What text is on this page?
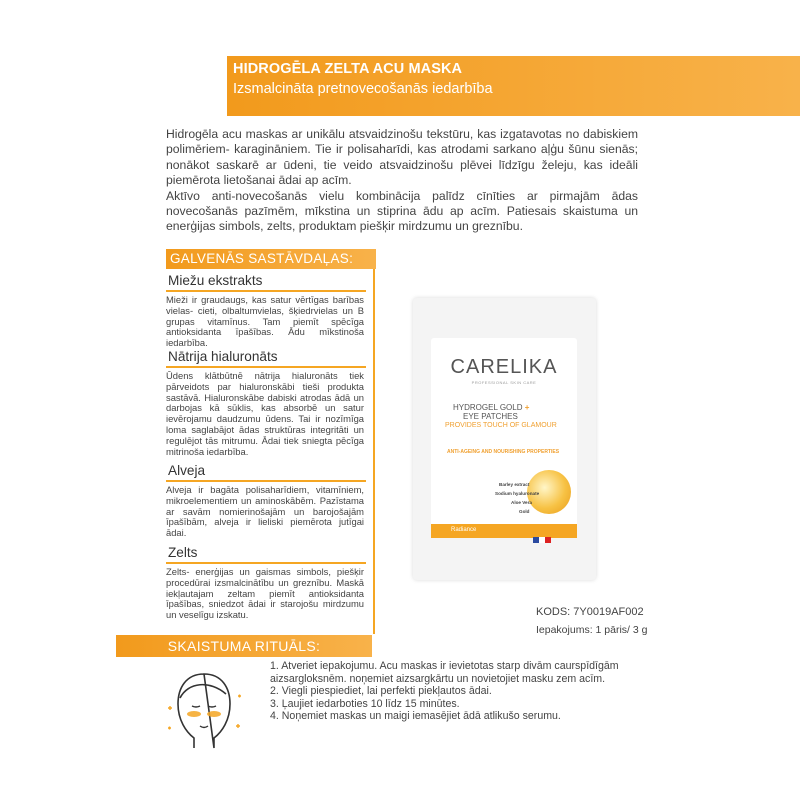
HIDROGĒLA ZELTA ACU MASKA
Izsmalcināta pretnovecošanās iedarbība

Hidrogēla acu maskas ar unikālu atsvaidzinošu tekstūru, kas izgatavotas no dabiskiem polimēriem- karagināniem. Tie ir polisaharīdi, kas atrodami sarkano aļģu šūnu sienās; nonākot saskarē ar ūdeni, tie veido atsvaidzinošu plēvei līdzīgu želeju, kas ideāli piemērota lietošanai ādai ap acīm.

Aktīvo anti-novecošanās vielu kombinācija palīdz cīnīties ar pirmajām ādas novecošanās pazīmēm, mīkstina un stiprina ādu ap acīm. Patiesais skaistuma un enerģijas simbols, zelts, produktam piešķir mirdzumu un greznību.

GALVENĀS SASTĀVDAĻAS:
Miežu ekstrakts

Mieži ir graudaugs, kas satur vērtīgas barības vielas- cieti, olbaltumvielas, šķiedrvielas un B grupas vitamīnus. Tam piemīt spēcīga antioksidanta īpašības. Ādu mīkstinoša iedarbība.

Nātrija hialuronāts

Ūdens klātbūtnē nātrija hialuronāts tiek pārveidots par hialuronskābi tieši produkta sastāvā. Hialuronskābe dabiski atrodas ādā un darbojas kā sūklis, kas absorbē un satur ievērojamu daudzumu ūdens. Tai ir nozīmīga loma saglabājot ādas struktūras integritāti un regulējot tās mitrumu. Ādai tiek sniegta pēcīga mitrinoša iedarbība.

Alveja

Alveja ir bagāta polisaharīdiem, vitamīniem, mikroelementiem un aminoskābēm. Pazīstama ar savām nomierinošajām un barojošajām īpašībām, alveja ir lieliski piemērota jutīgai ādai.

Zelts

Zelts- enerģijas un gaismas simbols, piešķir procedūrai izsmalcinātību un greznību. Maskā iekļautajam zeltam piemīt antioksidanta īpašības, sniedzot ādai ir starojošu mirdzumu un veselīgu izskatu.

CARELIKA
PROFESSIONAL SKIN CARE
HYDROGEL GOLD +
EYE PATCHES
PROVIDES TOUCH OF GLAMOUR
ANTI-AGEING AND NOURISHING PROPERTIES
Barley extract
Sodium hyaluronate
Aloe Vera
Gold
Radiance
KODS: 7Y0019AF002
Iepakojums: 1 pāris/ 3 g
SKAISTUMA RITUĀLS:
1. Atveriet iepakojumu. Acu maskas ir ievietotas starp divām caurspīdīgām aizsargloksnēm. noņemiet aizsargkārtu un novietojiet masku zem acīm.
2. Viegli piespiediet, lai perfekti piekļautos ādai.
3. Ļaujiet iedarboties 10 līdz 15 minūtes.
4. Noņemiet maskas un maigi iemasējiet ādā atlikušo serumu.
